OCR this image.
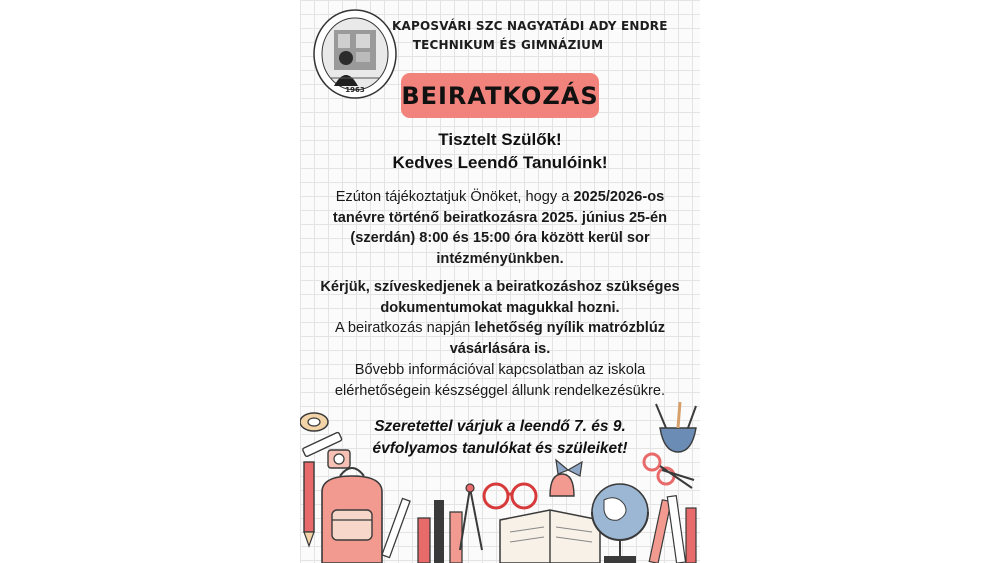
1963
KAPOSVÁRI SZC NAGYATÁDI ADY ENDRE
TECHNIKUM ÉS GIMNÁZIUM
BEIRATKOZÁS
Tisztelt Szülők!
Kedves Leendő Tanulóink!
Ezúton tájékoztatjuk Önöket, hogy a 2025/2026-os tanévre történő beiratkozásra 2025. június 25-én (szerdán) 8:00 és 15:00 óra között kerül sor intézményünkben.
Kérjük, szíveskedjenek a beiratkozáshoz szükséges dokumentumokat magukkal hozni.
A beiratkozás napján lehetőség nyílik matrózblúz vásárlására is.
Bővebb információval kapcsolatban az iskola elérhetőségein készséggel állunk rendelkezésükre.
Szeretettel várjuk a leendő 7. és 9.
évfolyamos tanulókat és szüleiket!
